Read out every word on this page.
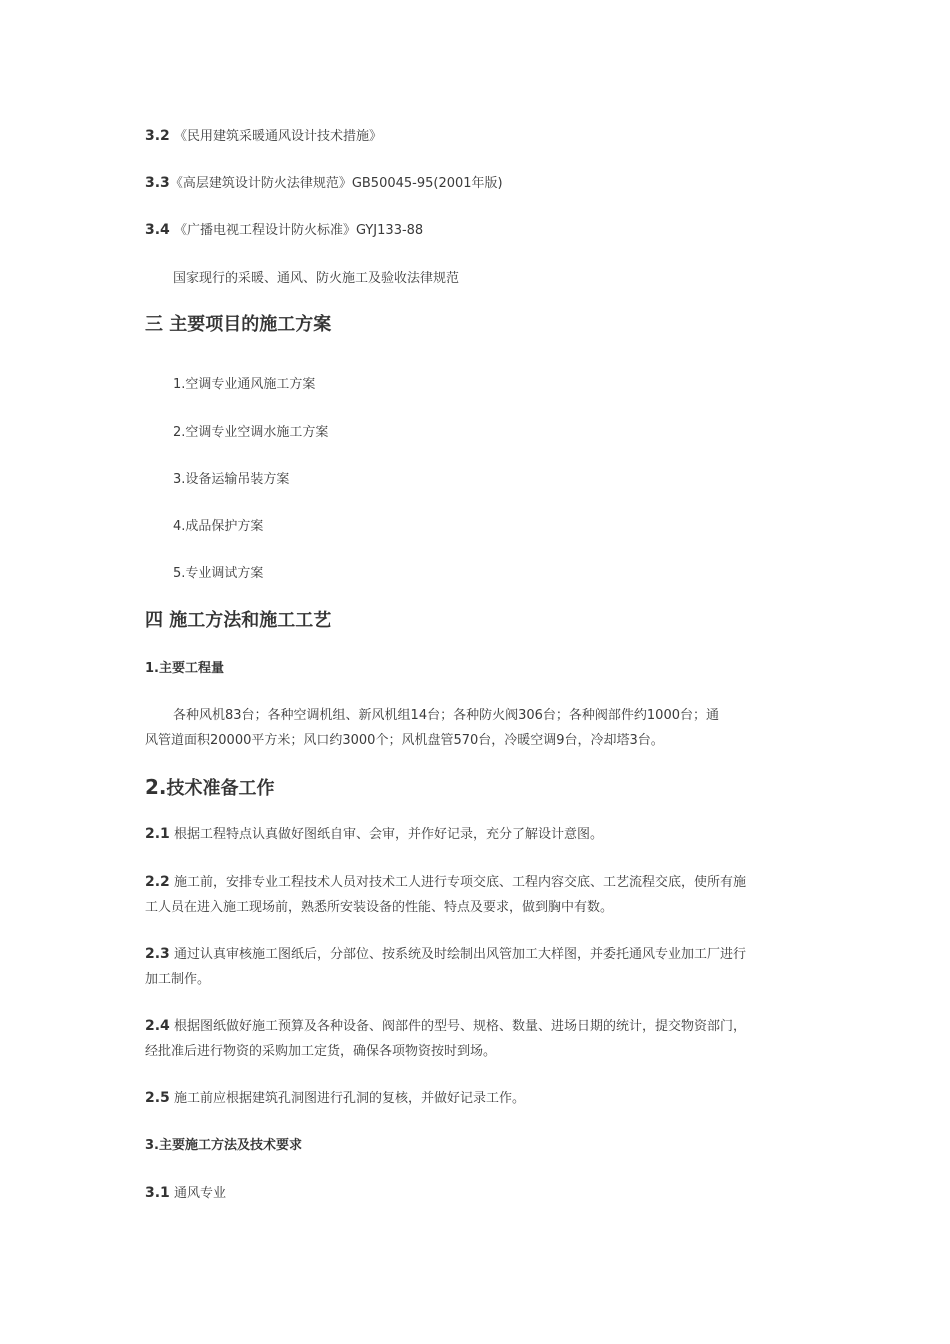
3.2 《民用建筑采暖通风设计技术措施》
3.3《高层建筑设计防火法律规范》GB50045-95(2001年版)
3.4 《广播电视工程设计防火标准》GYJ133-88
国家现行的采暖、通风、防火施工及验收法律规范
三 主要项目的施工方案
1.空调专业通风施工方案
2.空调专业空调水施工方案
3.设备运输吊装方案
4.成品保护方案
5.专业调试方案
四 施工方法和施工工艺
1.主要工程量
各种风机83台；各种空调机组、新风机组14台；各种防火阀306台；各种阀部件约1000台；通
风管道面积20000平方米；风口约3000个；风机盘管570台，冷暖空调9台，冷却塔3台。
2.技术准备工作
2.1 根据工程特点认真做好图纸自审、会审，并作好记录，充分了解设计意图。
2.2 施工前，安排专业工程技术人员对技术工人进行专项交底、工程内容交底、工艺流程交底，使所有施
工人员在进入施工现场前，熟悉所安装设备的性能、特点及要求，做到胸中有数。
2.3 通过认真审核施工图纸后，分部位、按系统及时绘制出风管加工大样图，并委托通风专业加工厂进行
加工制作。
2.4 根据图纸做好施工预算及各种设备、阀部件的型号、规格、数量、进场日期的统计，提交物资部门，
经批准后进行物资的采购加工定货，确保各项物资按时到场。
2.5 施工前应根据建筑孔洞图进行孔洞的复核，并做好记录工作。
3.主要施工方法及技术要求
3.1 通风专业
